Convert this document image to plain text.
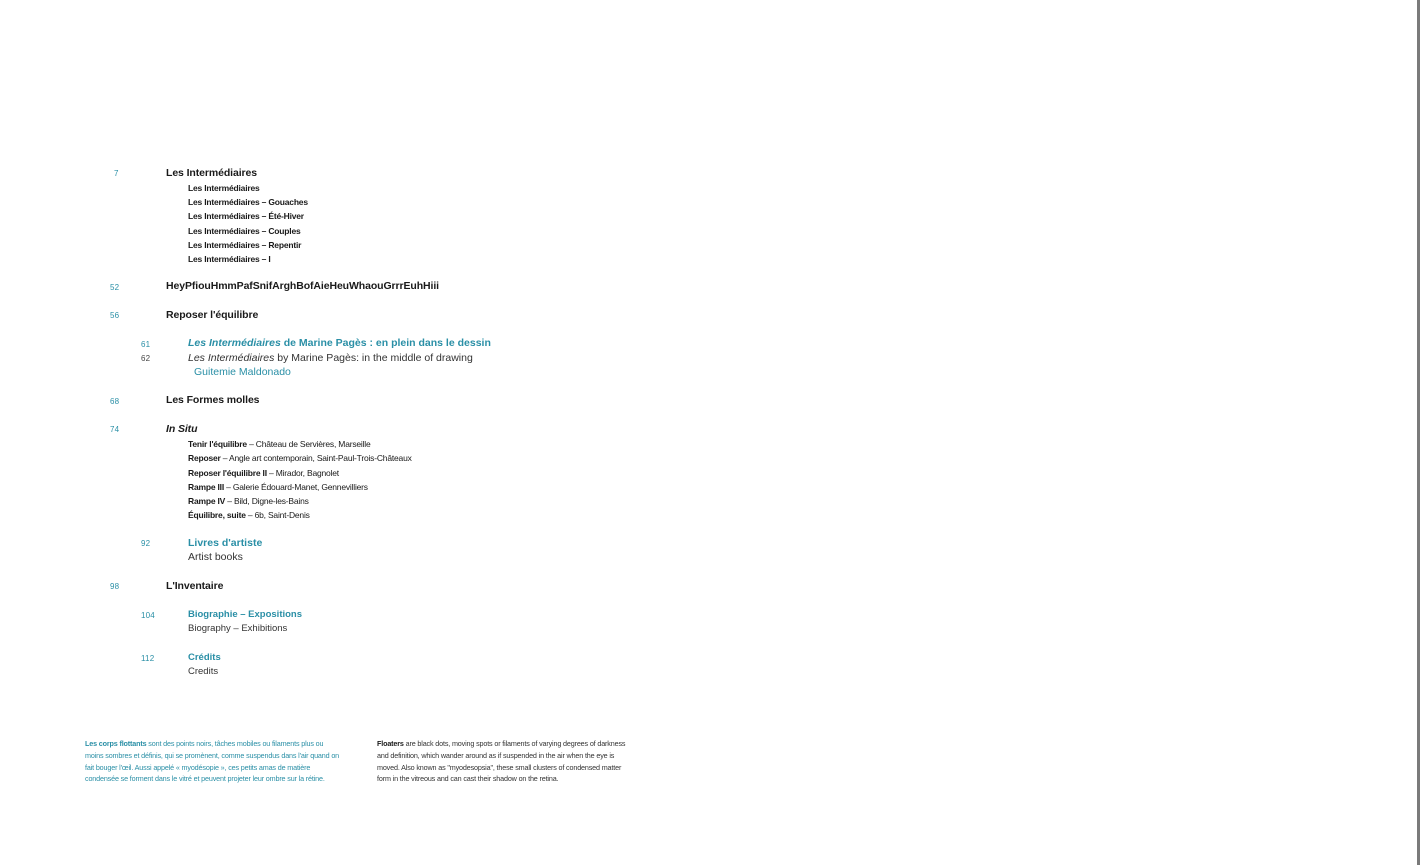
7	Les Intermédiaires
Les Intermédiaires
Les Intermédiaires – Gouaches
Les Intermédiaires – Été-Hiver
Les Intermédiaires – Couples
Les Intermédiaires – Repentir
Les Intermédiaires – I
52	HeyPfiouHmmPafSnifArghBofAieHeuWhaouGrrrEuhHiii
56	Reposer l'équilibre
61	Les Intermédiaires de Marine Pagès : en plein dans le dessin
62	Les Intermédiaires by Marine Pagès: in the middle of drawing
Guitemie Maldonado
68	Les Formes molles
74	In Situ
Tenir l'équilibre – Château de Servières, Marseille
Reposer – Angle art contemporain, Saint-Paul-Trois-Châteaux
Reposer l'équilibre II – Mirador, Bagnolet
Rampe III – Galerie Édouard-Manet, Gennevilliers
Rampe IV – Bild, Digne-les-Bains
Équilibre, suite – 6b, Saint-Denis
92	Livres d'artiste
Artist books
98	L'Inventaire
104	Biographie – Expositions
Biography – Exhibitions
112	Crédits
Credits
Les corps flottants sont des points noirs, tâches mobiles ou filaments plus ou moins sombres et définis, qui se promènent, comme suspendus dans l'air quand on fait bouger l'œil. Aussi appelé « myodésopie », ces petits amas de matière condensée se forment dans le vitré et peuvent projeter leur ombre sur la rétine.
Floaters are black dots, moving spots or filaments of varying degrees of darkness and definition, which wander around as if suspended in the air when the eye is moved. Also known as "myodesopsia", these small clusters of condensed matter form in the vitreous and can cast their shadow on the retina.
